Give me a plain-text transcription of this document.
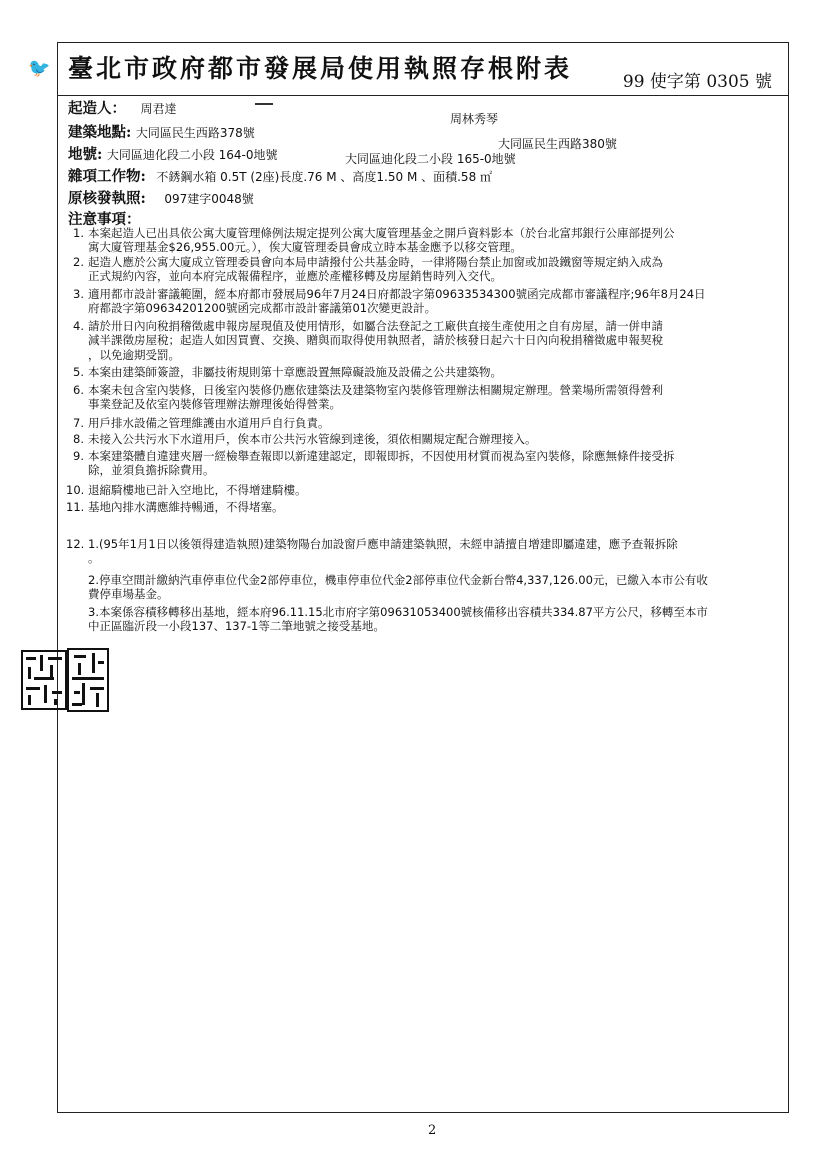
🐦 臺北市政府都市發展局使用執照存根附表	99 使字第 0305 號
起造人： 周君達
周林秀琴
建築地點: 大同區民生西路378號
大同區民生西路380號
地號: 大同區迪化段二小段 164-0地號	大同區迪化段二小段 165-0地號
雜項工作物: 不銹鋼水箱 0.5T (2座)長度.76 M 、高度1.50 M 、面積.58 ㎡
原核發執照: 097建字0048號
注意事項：
1. 本案起造人已出具依公寓大廈管理條例法規定提列公寓大廈管理基金之開戶資料影本（於台北富邦銀行公庫部提列公
寓大廈管理基金$26,955.00元。），俟大廈管理委員會成立時本基金應予以移交管理。
2. 起造人應於公寓大廈成立管理委員會向本局申請撥付公共基金時，一律將陽台禁止加窗或加設鐵窗等規定納入成為
正式規約內容，並向本府完成報備程序，並應於產權移轉及房屋銷售時列入交代。
3. 適用都市設計審議範圍，經本府都市發展局96年7月24日府都設字第09633534300號函完成都市審議程序;96年8月24日
府都設字第09634201200號函完成都市設計審議第01次變更設計。
4. 請於卅日內向稅捐稽徵處申報房屋現值及使用情形，如屬合法登記之工廠供直接生產使用之自有房屋，請一併申請
減半課徵房屋稅；起造人如因買賣、交換、贈與而取得使用執照者，請於核發日起六十日內向稅捐稽徵處申報契稅
，以免逾期受罰。
5. 本案由建築師簽證，非屬技術規則第十章應設置無障礙設施及設備之公共建築物。
6. 本案未包含室內裝修，日後室內裝修仍應依建築法及建築物室內裝修管理辦法相關規定辦理。營業場所需領得營利
事業登記及依室內裝修管理辦法辦理後始得營業。
7. 用戶排水設備之管理維護由水道用戶自行負責。
8. 未接入公共污水下水道用戶，俟本市公共污水管線到達後，須依相關規定配合辦理接入。
9. 本案建築體自違建夾層一經檢舉查報即以新違建認定，即報即拆，不因使用材質而視為室內裝修，除應無條件接受拆
除，並須負擔拆除費用。
10. 退縮騎樓地已計入空地比，不得增建騎樓。
11. 基地內排水溝應維持暢通，不得堵塞。
12. 1.(95年1月1日以後領得建造執照)建築物陽台加設窗戶應申請建築執照，未經申請擅自增建即屬違建，應予查報拆除
。
2.停車空間計繳納汽車停車位代金2部停車位，機車停車位代金2部停車位代金新台幣4,337,126.00元，已繳入本市公有收
費停車場基金。
3.本案係容積移轉移出基地，經本府96.11.15北市府字第09631053400號核備移出容積共334.87平方公尺，移轉至本市
中正區臨沂段一小段137、137-1等二筆地號之接受基地。
2
